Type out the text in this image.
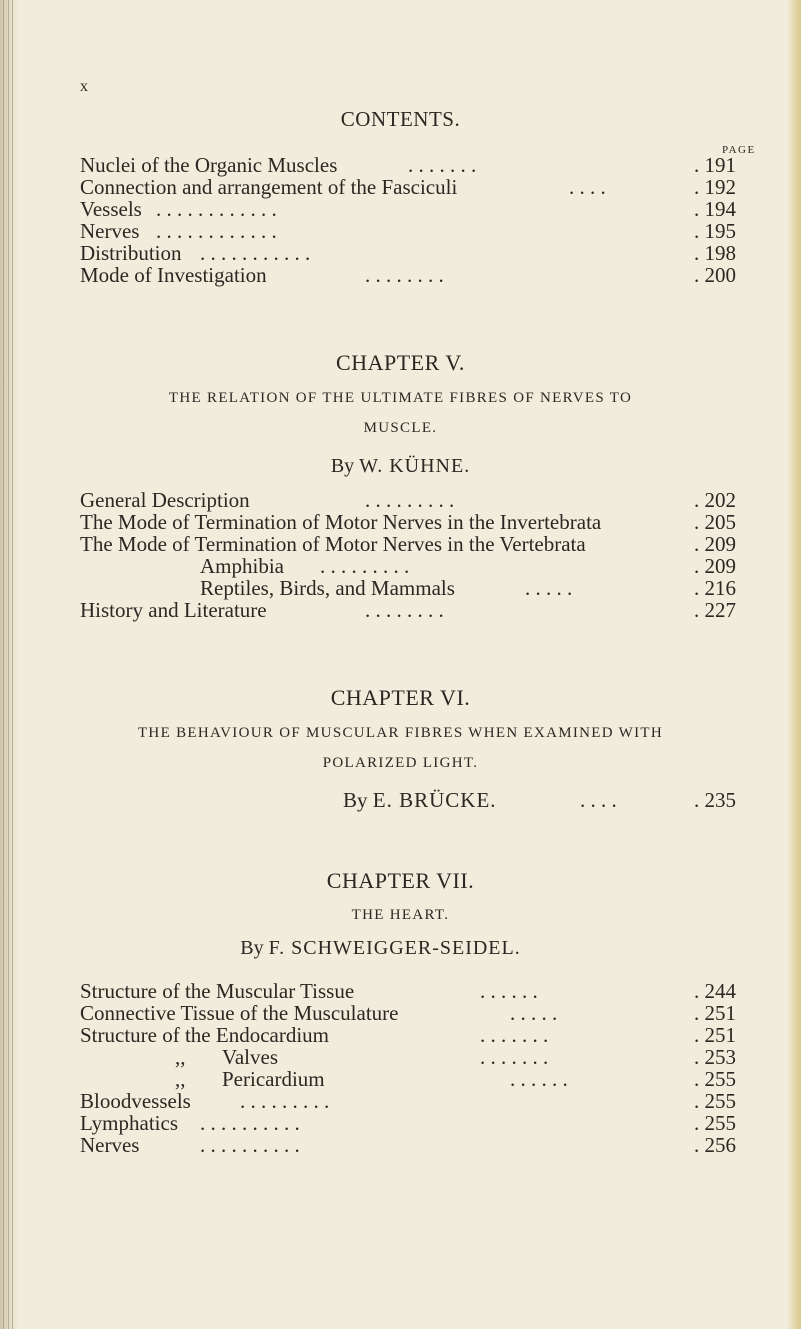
x
CONTENTS.
PAGE
Nuclei of the Organic Muscles	. . . . . . .	. 191
Connection and arrangement of the Fasciculi	. . . .	. 192
Vessels . . . . . . . . . . . .	. 194
Nerves . . . . . . . . . . . .	. 195
Distribution . . . . . . . . . . .	. 198
Mode of Investigation	. . . . . . . .	. 200
CHAPTER V.
THE RELATION OF THE ULTIMATE FIBRES OF NERVES TO
MUSCLE.
By W. KÜHNE.
General Description	. . . . . . . . .	. 202
The Mode of Termination of Motor Nerves in the Invertebrata	. 205
The Mode of Termination of Motor Nerves in the Vertebrata	. 209
Amphibia . . . . . . . . .	. 209
Reptiles, Birds, and Mammals	. . . . .	. 216
History and Literature	. . . . . . . .	. 227
CHAPTER VI.
THE BEHAVIOUR OF MUSCULAR FIBRES WHEN EXAMINED WITH
POLARIZED LIGHT.
By E. BRÜCKE.	. . . .	. 235
CHAPTER VII.
THE HEART.
By F. SCHWEIGGER-SEIDEL.
Structure of the Muscular Tissue	. . . . . .	. 244
Connective Tissue of the Musculature	. . . . .	. 251
Structure of the Endocardium	. . . . . . .	. 251
,, Valves	. . . . . . .	. 253
,, Pericardium	. . . . . .	. 255
Bloodvessels . . . . . . . . .	. 255
Lymphatics . . . . . . . . . .	. 255
Nerves	. . . . . . . . . .	. 256
